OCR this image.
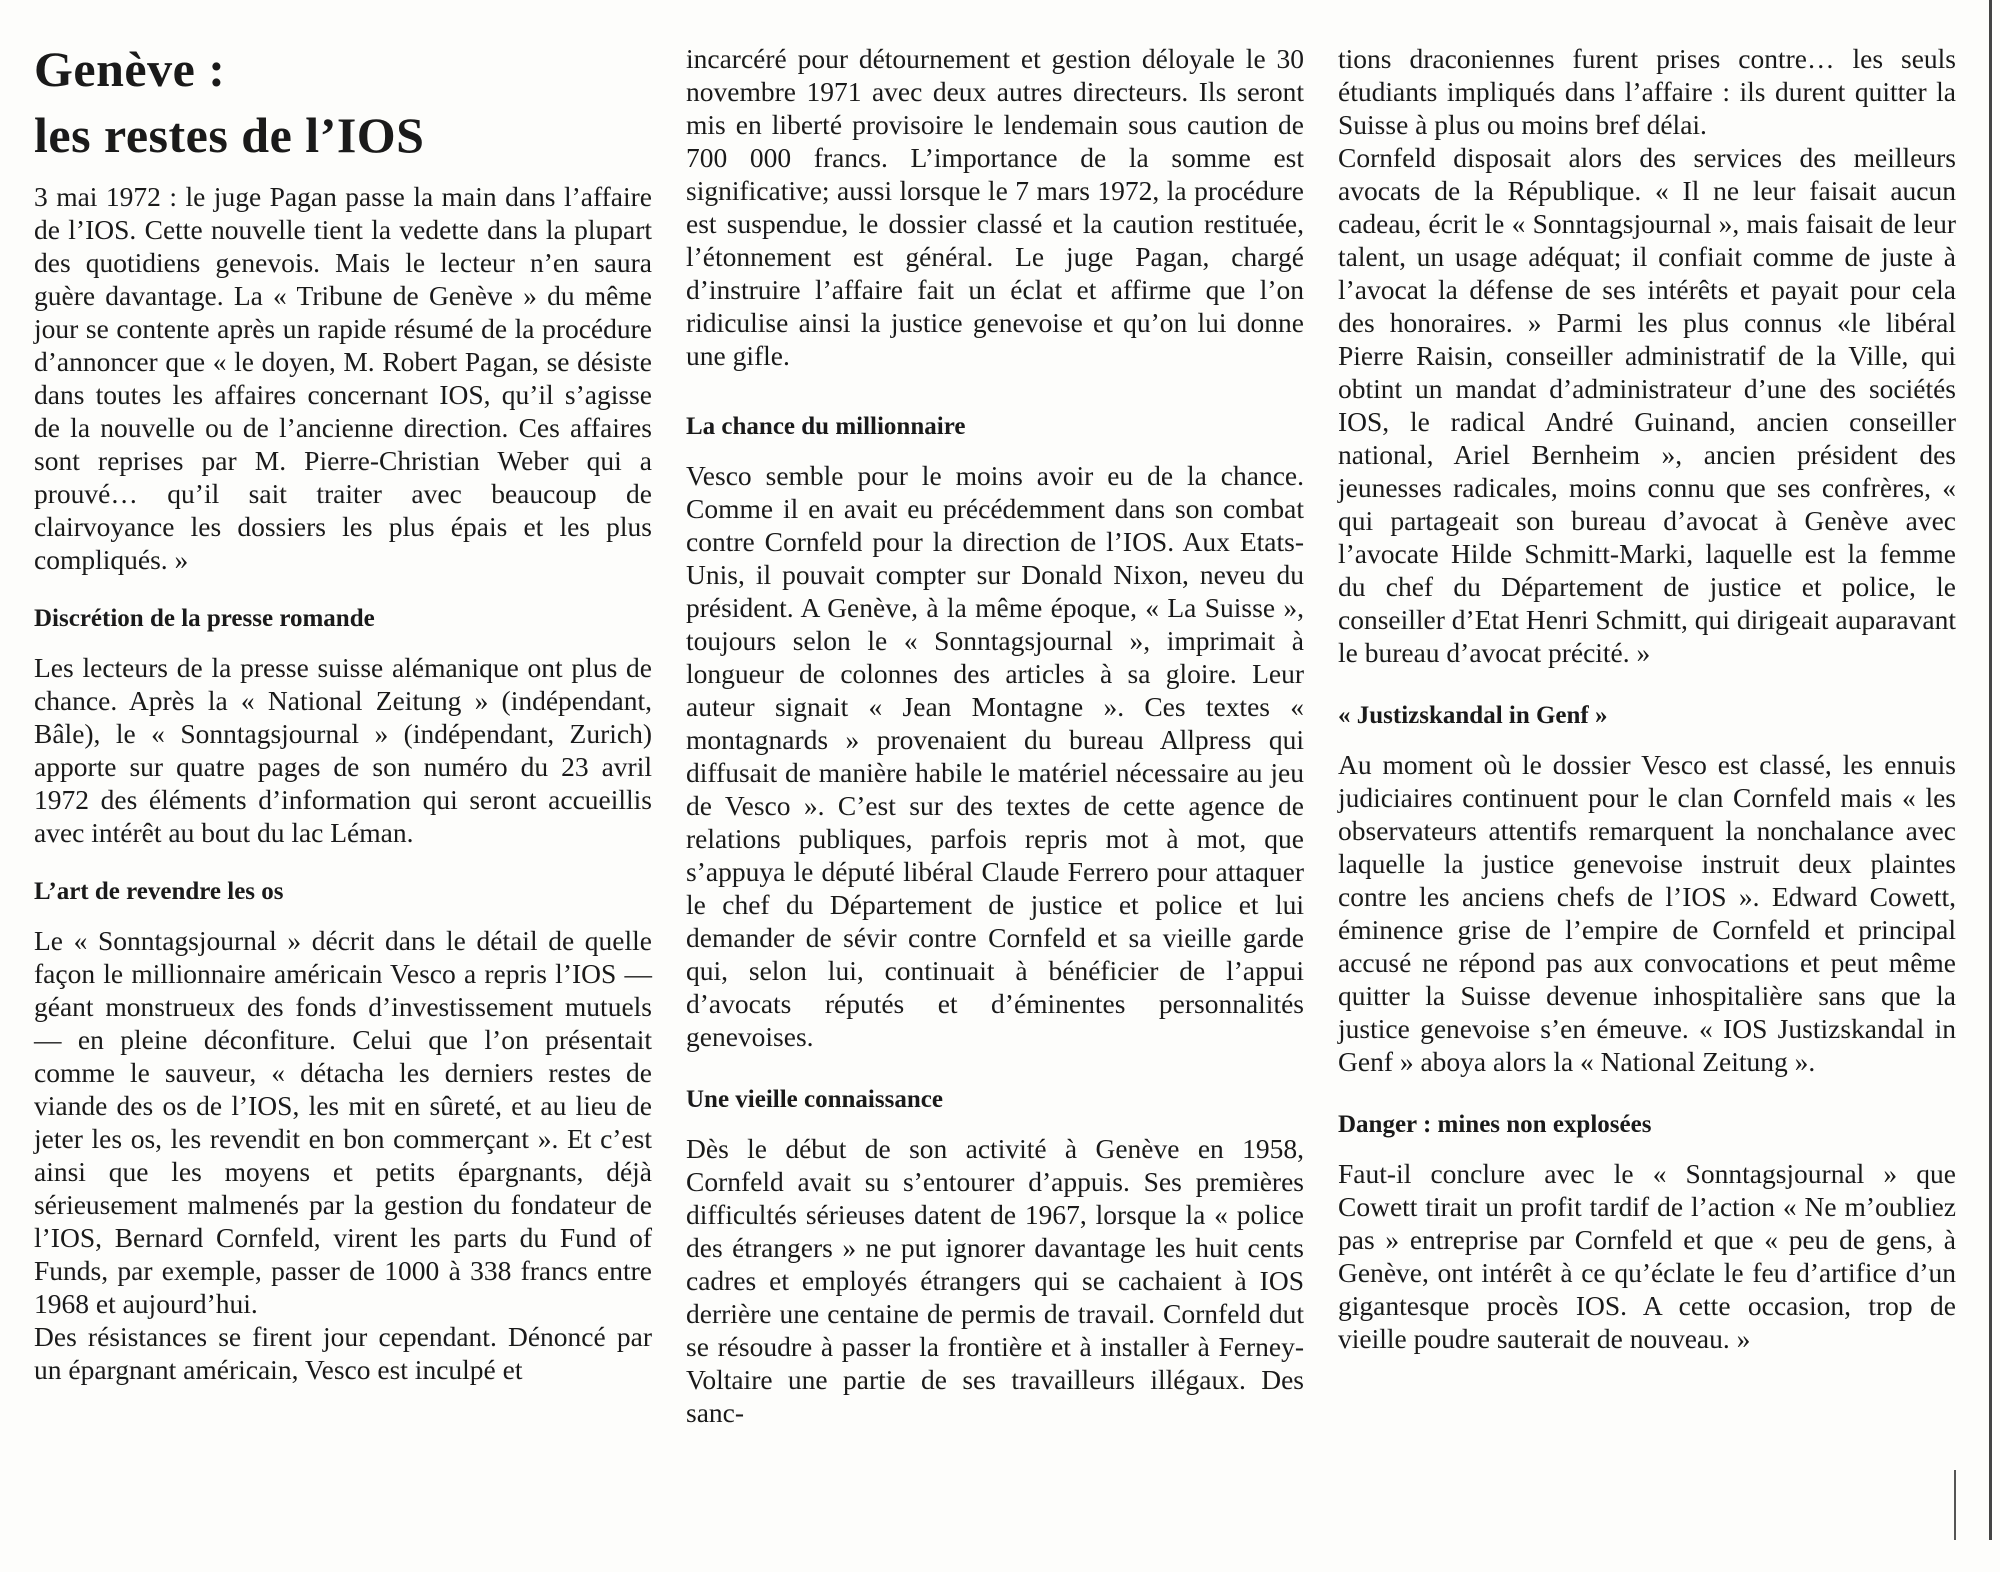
Genève :
les restes de l’IOS

3 mai 1972 : le juge Pagan passe la main dans l’affaire de l’IOS. Cette nouvelle tient la vedette dans la plupart des quotidiens genevois. Mais le lecteur n’en saura guère davantage. La « Tribune de Genève » du même jour se contente après un rapide résumé de la procédure d’annoncer que « le doyen, M. Robert Pagan, se désiste dans toutes les affaires concernant IOS, qu’il s’agisse de la nouvelle ou de l’ancienne direction. Ces affaires sont reprises par M. Pierre-Christian Weber qui a prouvé… qu’il sait traiter avec beaucoup de clairvoyance les dossiers les plus épais et les plus compliqués. »

Discrétion de la presse romande

Les lecteurs de la presse suisse alémanique ont plus de chance. Après la « National Zeitung » (indépendant, Bâle), le « Sonntagsjournal » (indépendant, Zurich) apporte sur quatre pages de son numéro du 23 avril 1972 des éléments d’information qui seront accueillis avec intérêt au bout du lac Léman.

L’art de revendre les os

Le « Sonntagsjournal » décrit dans le détail de quelle façon le millionnaire américain Vesco a repris l’IOS — géant monstrueux des fonds d’investissement mutuels — en pleine déconfiture. Celui que l’on présentait comme le sauveur, « détacha les derniers restes de viande des os de l’IOS, les mit en sûreté, et au lieu de jeter les os, les revendit en bon commerçant ». Et c’est ainsi que les moyens et petits épargnants, déjà sérieusement malmenés par la gestion du fondateur de l’IOS, Bernard Cornfeld, virent les parts du Fund of Funds, par exemple, passer de 1000 à 338 francs entre 1968 et aujourd’hui.

Des résistances se firent jour cependant. Dénoncé par un épargnant américain, Vesco est inculpé et

incarcéré pour détournement et gestion déloyale le 30 novembre 1971 avec deux autres directeurs. Ils seront mis en liberté provisoire le lendemain sous caution de 700 000 francs. L’importance de la somme est significative; aussi lorsque le 7 mars 1972, la procédure est suspendue, le dossier classé et la caution restituée, l’étonnement est général. Le juge Pagan, chargé d’instruire l’affaire fait un éclat et affirme que l’on ridiculise ainsi la justice genevoise et qu’on lui donne une gifle.

La chance du millionnaire

Vesco semble pour le moins avoir eu de la chance. Comme il en avait eu précédemment dans son combat contre Cornfeld pour la direction de l’IOS. Aux Etats-Unis, il pouvait compter sur Donald Nixon, neveu du président. A Genève, à la même époque, « La Suisse », toujours selon le « Sonntagsjournal », imprimait à longueur de colonnes des articles à sa gloire. Leur auteur signait « Jean Montagne ». Ces textes « montagnards » provenaient du bureau Allpress qui diffusait de manière habile le matériel nécessaire au jeu de Vesco ». C’est sur des textes de cette agence de relations publiques, parfois repris mot à mot, que s’appuya le député libéral Claude Ferrero pour attaquer le chef du Département de justice et police et lui demander de sévir contre Cornfeld et sa vieille garde qui, selon lui, continuait à bénéficier de l’appui d’avocats réputés et d’éminentes personnalités genevoises.

Une vieille connaissance

Dès le début de son activité à Genève en 1958, Cornfeld avait su s’entourer d’appuis. Ses premières difficultés sérieuses datent de 1967, lorsque la « police des étrangers » ne put ignorer davantage les huit cents cadres et employés étrangers qui se cachaient à IOS derrière une centaine de permis de travail. Cornfeld dut se résoudre à passer la frontière et à installer à Ferney-Voltaire une partie de ses travailleurs illégaux. Des sanc-

tions draconiennes furent prises contre… les seuls étudiants impliqués dans l’affaire : ils durent quitter la Suisse à plus ou moins bref délai.

Cornfeld disposait alors des services des meilleurs avocats de la République. « Il ne leur faisait aucun cadeau, écrit le « Sonntagsjournal », mais faisait de leur talent, un usage adéquat; il confiait comme de juste à l’avocat la défense de ses intérêts et payait pour cela des honoraires. » Parmi les plus connus «le libéral Pierre Raisin, conseiller administratif de la Ville, qui obtint un mandat d’administrateur d’une des sociétés IOS, le radical André Guinand, ancien conseiller national, Ariel Bernheim », ancien président des jeunesses radicales, moins connu que ses confrères, « qui partageait son bureau d’avocat à Genève avec l’avocate Hilde Schmitt-Marki, laquelle est la femme du chef du Département de justice et police, le conseiller d’Etat Henri Schmitt, qui dirigeait auparavant le bureau d’avocat précité. »

« Justizskandal in Genf »

Au moment où le dossier Vesco est classé, les ennuis judiciaires continuent pour le clan Cornfeld mais « les observateurs attentifs remarquent la nonchalance avec laquelle la justice genevoise instruit deux plaintes contre les anciens chefs de l’IOS ». Edward Cowett, éminence grise de l’empire de Cornfeld et principal accusé ne répond pas aux convocations et peut même quitter la Suisse devenue inhospitalière sans que la justice genevoise s’en émeuve. « IOS Justizskandal in Genf » aboya alors la « National Zeitung ».

Danger : mines non explosées

Faut-il conclure avec le « Sonntagsjournal » que Cowett tirait un profit tardif de l’action « Ne m’oubliez pas » entreprise par Cornfeld et que « peu de gens, à Genève, ont intérêt à ce qu’éclate le feu d’artifice d’un gigantesque procès IOS. A cette occasion, trop de vieille poudre sauterait de nouveau. »
